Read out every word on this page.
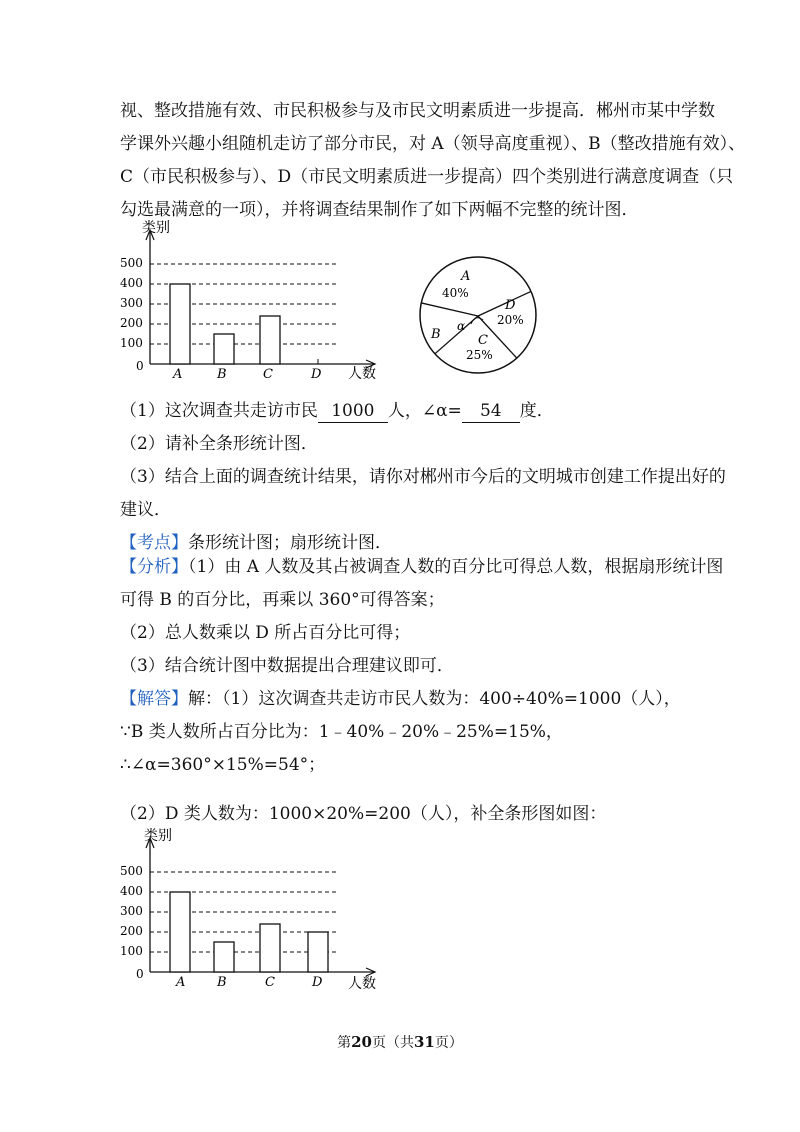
视、整改措施有效、市民积极参与及市民文明素质进一步提高．郴州市某中学数
学课外兴趣小组随机走访了部分市民，对 A（领导高度重视）、B（整改措施有效）、
C（市民积极参与）、D（市民文明素质进一步提高）四个类别进行满意度调查（只
勾选最满意的一项），并将调查结果制作了如下两幅不完整的统计图．
类别
人数
500
400
300
200
100
0
A	B	C	D
A
40%
D
20%
C
25%
B
α
（1）这次调查共走访市民 1000 人，∠α= 54 度．
（2）请补全条形统计图．
（3）结合上面的调查统计结果，请你对郴州市今后的文明城市创建工作提出好的
建议．
【考点】条形统计图；扇形统计图．
【分析】（1）由 A 人数及其占被调查人数的百分比可得总人数，根据扇形统计图
可得 B 的百分比，再乘以 360°可得答案；
（2）总人数乘以 D 所占百分比可得；
（3）结合统计图中数据提出合理建议即可．
【解答】解：（1）这次调查共走访市民人数为：400÷40%=1000（人），
∵B 类人数所占百分比为：1﹣40%﹣20%﹣25%=15%，
∴∠α=360°×15%=54°；
（2）D 类人数为：1000×20%=200（人），补全条形图如图：
类别
人数
500
400
300
200
100
0
A B	C	D
第20页（共31页）
